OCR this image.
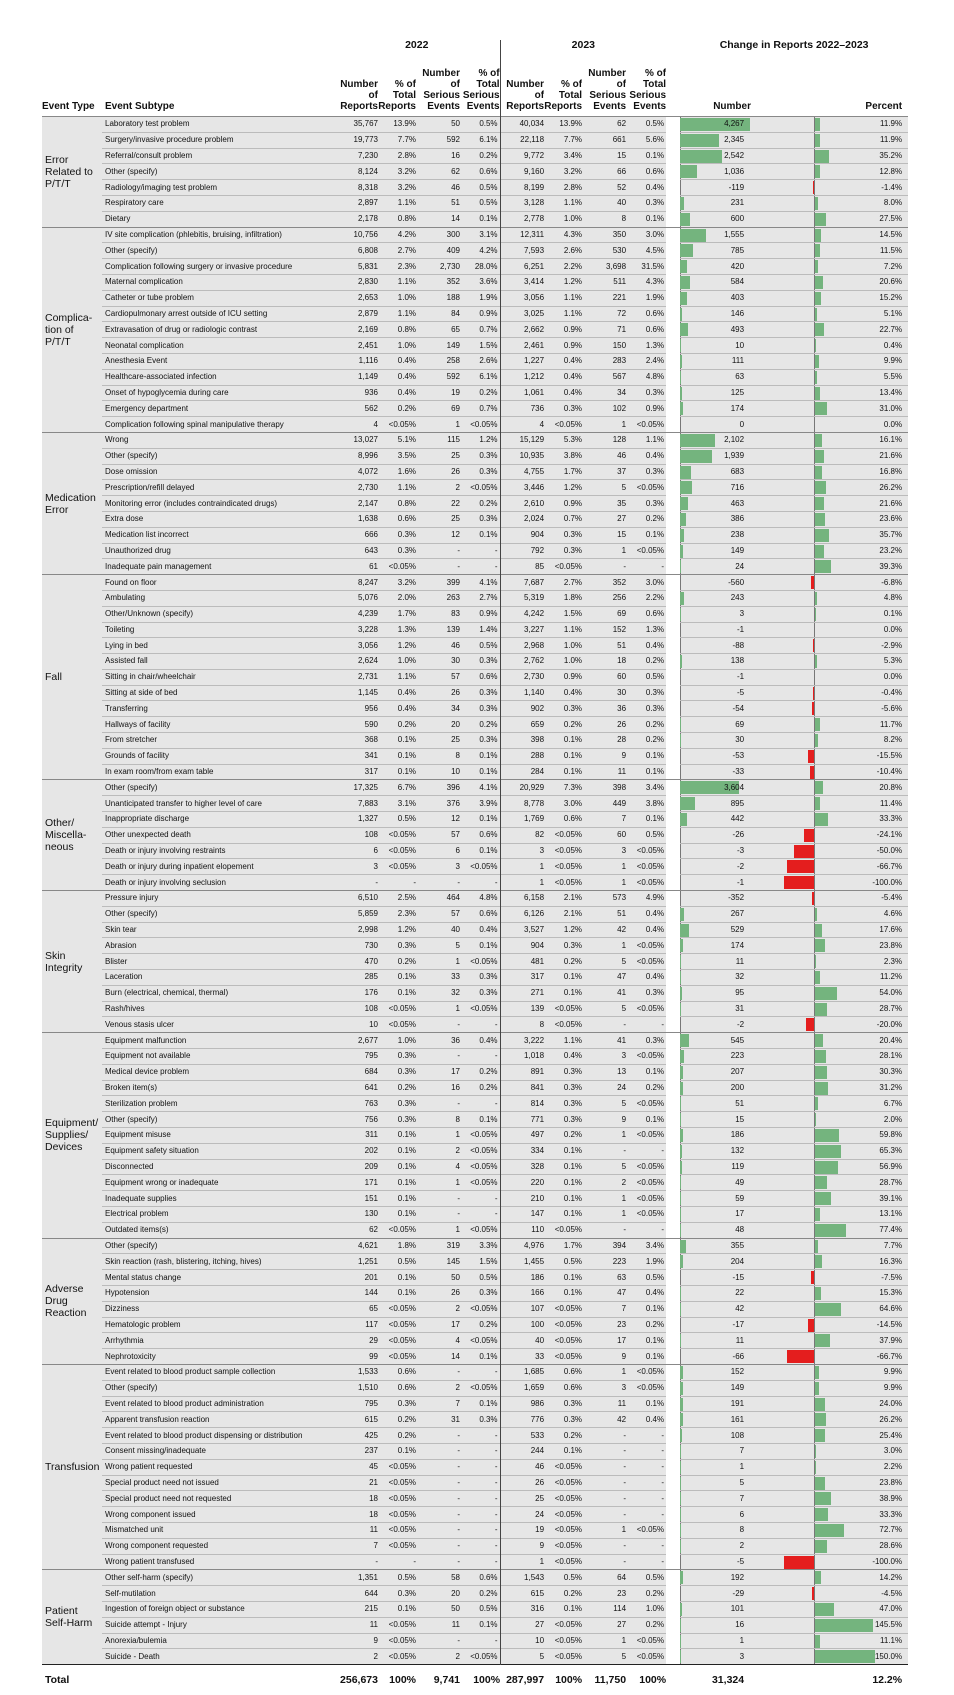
		2022				2023					Change in Reports 2022–2023	
Event Type	Event Subtype	Number of Reports	% of Total Reports	Number of Serious Events	% of Total Serious Events	Number of Reports	% of Total Reports	Number of Serious Events	% of Total Serious Events		Number	Percent
Error Related to P/T/T	Laboratory test problem	35,767	13.9%	50	0.5%	40,034	13.9%	62	0.5%		4,267	11.9%
	Surgery/invasive procedure problem	19,773	7.7%	592	6.1%	22,118	7.7%	661	5.6%		2,345	11.9%
	Referral/consult problem	7,230	2.8%	16	0.2%	9,772	3.4%	15	0.1%		2,542	35.2%
	Other (specify)	8,124	3.2%	62	0.6%	9,160	3.2%	66	0.6%		1,036	12.8%
	Radiology/imaging test problem	8,318	3.2%	46	0.5%	8,199	2.8%	52	0.4%		-119	-1.4%
	Respiratory care	2,897	1.1%	51	0.5%	3,128	1.1%	40	0.3%		231	8.0%
	Dietary	2,178	0.8%	14	0.1%	2,778	1.0%	8	0.1%		600	27.5%
Complica-tion of P/T/T	IV site complication (phlebitis, bruising, infiltration)	10,756	4.2%	300	3.1%	12,311	4.3%	350	3.0%		1,555	14.5%
	Other (specify)	6,808	2.7%	409	4.2%	7,593	2.6%	530	4.5%		785	11.5%
	Complication following surgery or invasive procedure	5,831	2.3%	2,730	28.0%	6,251	2.2%	3,698	31.5%		420	7.2%
	Maternal complication	2,830	1.1%	352	3.6%	3,414	1.2%	511	4.3%		584	20.6%
	Catheter or tube problem	2,653	1.0%	188	1.9%	3,056	1.1%	221	1.9%		403	15.2%
	Cardiopulmonary arrest outside of ICU setting	2,879	1.1%	84	0.9%	3,025	1.1%	72	0.6%		146	5.1%
	Extravasation of drug or radiologic contrast	2,169	0.8%	65	0.7%	2,662	0.9%	71	0.6%		493	22.7%
	Neonatal complication	2,451	1.0%	149	1.5%	2,461	0.9%	150	1.3%		10	0.4%
	Anesthesia Event	1,116	0.4%	258	2.6%	1,227	0.4%	283	2.4%		111	9.9%
	Healthcare-associated infection	1,149	0.4%	592	6.1%	1,212	0.4%	567	4.8%		63	5.5%
	Onset of hypoglycemia during care	936	0.4%	19	0.2%	1,061	0.4%	34	0.3%		125	13.4%
	Emergency department	562	0.2%	69	0.7%	736	0.3%	102	0.9%		174	31.0%
	Complication following spinal manipulative therapy	4	<0.05%	1	<0.05%	4	<0.05%	1	<0.05%		0	0.0%
Medication Error	Wrong	13,027	5.1%	115	1.2%	15,129	5.3%	128	1.1%		2,102	16.1%
	Other (specify)	8,996	3.5%	25	0.3%	10,935	3.8%	46	0.4%		1,939	21.6%
	Dose omission	4,072	1.6%	26	0.3%	4,755	1.7%	37	0.3%		683	16.8%
	Prescription/refill delayed	2,730	1.1%	2	<0.05%	3,446	1.2%	5	<0.05%		716	26.2%
	Monitoring error (includes contraindicated drugs)	2,147	0.8%	22	0.2%	2,610	0.9%	35	0.3%		463	21.6%
	Extra dose	1,638	0.6%	25	0.3%	2,024	0.7%	27	0.2%		386	23.6%
	Medication list incorrect	666	0.3%	12	0.1%	904	0.3%	15	0.1%		238	35.7%
	Unauthorized drug	643	0.3%	-	-	792	0.3%	1	<0.05%		149	23.2%
	Inadequate pain management	61	<0.05%	-	-	85	<0.05%	-	-		24	39.3%
Fall	Found on floor	8,247	3.2%	399	4.1%	7,687	2.7%	352	3.0%		-560	-6.8%
	Ambulating	5,076	2.0%	263	2.7%	5,319	1.8%	256	2.2%		243	4.8%
	Other/Unknown (specify)	4,239	1.7%	83	0.9%	4,242	1.5%	69	0.6%		3	0.1%
	Toileting	3,228	1.3%	139	1.4%	3,227	1.1%	152	1.3%		-1	0.0%
	Lying in bed	3,056	1.2%	46	0.5%	2,968	1.0%	51	0.4%		-88	-2.9%
	Assisted fall	2,624	1.0%	30	0.3%	2,762	1.0%	18	0.2%		138	5.3%
	Sitting in chair/wheelchair	2,731	1.1%	57	0.6%	2,730	0.9%	60	0.5%		-1	0.0%
	Sitting at side of bed	1,145	0.4%	26	0.3%	1,140	0.4%	30	0.3%		-5	-0.4%
	Transferring	956	0.4%	34	0.3%	902	0.3%	36	0.3%		-54	-5.6%
	Hallways of facility	590	0.2%	20	0.2%	659	0.2%	26	0.2%		69	11.7%
	From stretcher	368	0.1%	25	0.3%	398	0.1%	28	0.2%		30	8.2%
	Grounds of facility	341	0.1%	8	0.1%	288	0.1%	9	0.1%		-53	-15.5%
	In exam room/from exam table	317	0.1%	10	0.1%	284	0.1%	11	0.1%		-33	-10.4%
Other/ Miscella-neous	Other (specify)	17,325	6.7%	396	4.1%	20,929	7.3%	398	3.4%		3,604	20.8%
	Unanticipated transfer to higher level of care	7,883	3.1%	376	3.9%	8,778	3.0%	449	3.8%		895	11.4%
	Inappropriate discharge	1,327	0.5%	12	0.1%	1,769	0.6%	7	0.1%		442	33.3%
	Other unexpected death	108	<0.05%	57	0.6%	82	<0.05%	60	0.5%		-26	-24.1%
	Death or injury involving restraints	6	<0.05%	6	0.1%	3	<0.05%	3	<0.05%		-3	-50.0%
	Death or injury during inpatient elopement	3	<0.05%	3	<0.05%	1	<0.05%	1	<0.05%		-2	-66.7%
	Death or injury involving seclusion	-	-	-	-	1	<0.05%	1	<0.05%		-1	-100.0%
Skin Integrity	Pressure injury	6,510	2.5%	464	4.8%	6,158	2.1%	573	4.9%		-352	-5.4%
	Other (specify)	5,859	2.3%	57	0.6%	6,126	2.1%	51	0.4%		267	4.6%
	Skin tear	2,998	1.2%	40	0.4%	3,527	1.2%	42	0.4%		529	17.6%
	Abrasion	730	0.3%	5	0.1%	904	0.3%	1	<0.05%		174	23.8%
	Blister	470	0.2%	1	<0.05%	481	0.2%	5	<0.05%		11	2.3%
	Laceration	285	0.1%	33	0.3%	317	0.1%	47	0.4%		32	11.2%
	Burn (electrical, chemical, thermal)	176	0.1%	32	0.3%	271	0.1%	41	0.3%		95	54.0%
	Rash/hives	108	<0.05%	1	<0.05%	139	<0.05%	5	<0.05%		31	28.7%
	Venous stasis ulcer	10	<0.05%	-	-	8	<0.05%	-	-		-2	-20.0%
Equipment/ Supplies/ Devices	Equipment malfunction	2,677	1.0%	36	0.4%	3,222	1.1%	41	0.3%		545	20.4%
	Equipment not available	795	0.3%	-	-	1,018	0.4%	3	<0.05%		223	28.1%
	Medical device problem	684	0.3%	17	0.2%	891	0.3%	13	0.1%		207	30.3%
	Broken item(s)	641	0.2%	16	0.2%	841	0.3%	24	0.2%		200	31.2%
	Sterilization problem	763	0.3%	-	-	814	0.3%	5	<0.05%		51	6.7%
	Other (specify)	756	0.3%	8	0.1%	771	0.3%	9	0.1%		15	2.0%
	Equipment misuse	311	0.1%	1	<0.05%	497	0.2%	1	<0.05%		186	59.8%
	Equipment safety situation	202	0.1%	2	<0.05%	334	0.1%	-	-		132	65.3%
	Disconnected	209	0.1%	4	<0.05%	328	0.1%	5	<0.05%		119	56.9%
	Equipment wrong or inadequate	171	0.1%	1	<0.05%	220	0.1%	2	<0.05%		49	28.7%
	Inadequate supplies	151	0.1%	-	-	210	0.1%	1	<0.05%		59	39.1%
	Electrical problem	130	0.1%	-	-	147	0.1%	1	<0.05%		17	13.1%
	Outdated items(s)	62	<0.05%	1	<0.05%	110	<0.05%	-	-		48	77.4%
Adverse Drug Reaction	Other (specify)	4,621	1.8%	319	3.3%	4,976	1.7%	394	3.4%		355	7.7%
	Skin reaction (rash, blistering, itching, hives)	1,251	0.5%	145	1.5%	1,455	0.5%	223	1.9%		204	16.3%
	Mental status change	201	0.1%	50	0.5%	186	0.1%	63	0.5%		-15	-7.5%
	Hypotension	144	0.1%	26	0.3%	166	0.1%	47	0.4%		22	15.3%
	Dizziness	65	<0.05%	2	<0.05%	107	<0.05%	7	0.1%		42	64.6%
	Hematologic problem	117	<0.05%	17	0.2%	100	<0.05%	23	0.2%		-17	-14.5%
	Arrhythmia	29	<0.05%	4	<0.05%	40	<0.05%	17	0.1%		11	37.9%
	Nephrotoxicity	99	<0.05%	14	0.1%	33	<0.05%	9	0.1%		-66	-66.7%
Transfusion	Event related to blood product sample collection	1,533	0.6%	-	-	1,685	0.6%	1	<0.05%		152	9.9%
	Other (specify)	1,510	0.6%	2	<0.05%	1,659	0.6%	3	<0.05%		149	9.9%
	Event related to blood product administration	795	0.3%	7	0.1%	986	0.3%	11	0.1%		191	24.0%
	Apparent transfusion reaction	615	0.2%	31	0.3%	776	0.3%	42	0.4%		161	26.2%
	Event related to blood product dispensing or distribution	425	0.2%	-	-	533	0.2%	-	-		108	25.4%
	Consent missing/inadequate	237	0.1%	-	-	244	0.1%	-	-		7	3.0%
	Wrong patient requested	45	<0.05%	-	-	46	<0.05%	-	-		1	2.2%
	Special product need not issued	21	<0.05%	-	-	26	<0.05%	-	-		5	23.8%
	Special product need not requested	18	<0.05%	-	-	25	<0.05%	-	-		7	38.9%
	Wrong component issued	18	<0.05%	-	-	24	<0.05%	-	-		6	33.3%
	Mismatched unit	11	<0.05%	-	-	19	<0.05%	1	<0.05%		8	72.7%
	Wrong component requested	7	<0.05%	-	-	9	<0.05%	-	-		2	28.6%
	Wrong patient transfused	-	-	-	-	1	<0.05%	-	-		-5	-100.0%
Patient Self-Harm	Other self-harm (specify)	1,351	0.5%	58	0.6%	1,543	0.5%	64	0.5%		192	14.2%
	Self-mutilation	644	0.3%	20	0.2%	615	0.2%	23	0.2%		-29	-4.5%
	Ingestion of foreign object or substance	215	0.1%	50	0.5%	316	0.1%	114	1.0%		101	47.0%
	Suicide attempt - Injury	11	<0.05%	11	0.1%	27	<0.05%	27	0.2%		16	145.5%
	Anorexia/bulemia	9	<0.05%	-	-	10	<0.05%	1	<0.05%		1	11.1%
	Suicide - Death	2	<0.05%	2	<0.05%	5	<0.05%	5	<0.05%		3	150.0%
Total		256,673	100%	9,741	100%	287,997	100%	11,750	100%		31,324	12.2%
